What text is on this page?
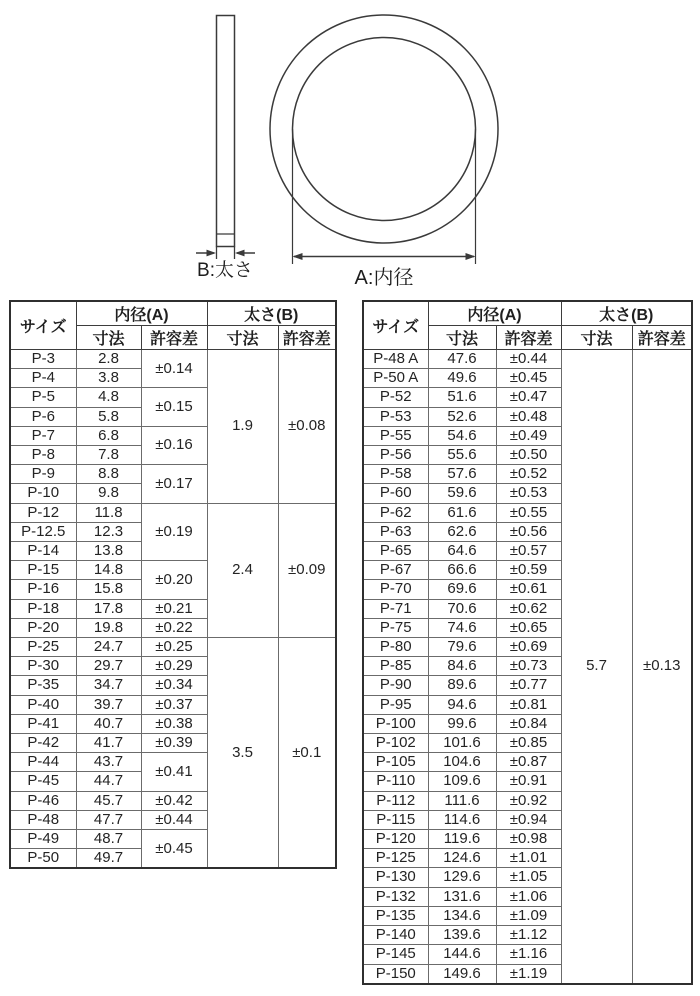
B:太さ	A:内径
サイズ	内径(A)		太さ(B)	
	寸法	許容差	寸法	許容差
P-3	2.8	±0.14	1.9	±0.08
P-4	3.8			
P-5	4.8	±0.15		
P-6	5.8			
P-7	6.8	±0.16		
P-8	7.8			
P-9	8.8	±0.17		
P-10	9.8			
P-12	11.8	±0.19	2.4	±0.09
P-12.5	12.3			
P-14	13.8			
P-15	14.8	±0.20		
P-16	15.8			
P-18	17.8	±0.21		
P-20	19.8	±0.22		
P-25	24.7	±0.25	3.5	±0.1
P-30	29.7	±0.29		
P-35	34.7	±0.34		
P-40	39.7	±0.37		
P-41	40.7	±0.38		
P-42	41.7	±0.39		
P-44	43.7	±0.41		
P-45	44.7			
P-46	45.7	±0.42		
P-48	47.7	±0.44		
P-49	48.7	±0.45		
P-50	49.7			
サイズ	内径(A)		太さ(B)	
	寸法	許容差	寸法	許容差
P-48 A	47.6	±0.44	5.7	±0.13
P-50 A	49.6	±0.45		
P-52	51.6	±0.47		
P-53	52.6	±0.48		
P-55	54.6	±0.49		
P-56	55.6	±0.50		
P-58	57.6	±0.52		
P-60	59.6	±0.53		
P-62	61.6	±0.55		
P-63	62.6	±0.56		
P-65	64.6	±0.57		
P-67	66.6	±0.59		
P-70	69.6	±0.61		
P-71	70.6	±0.62		
P-75	74.6	±0.65		
P-80	79.6	±0.69		
P-85	84.6	±0.73		
P-90	89.6	±0.77		
P-95	94.6	±0.81		
P-100	99.6	±0.84		
P-102	101.6	±0.85		
P-105	104.6	±0.87		
P-110	109.6	±0.91		
P-112	111.6	±0.92		
P-115	114.6	±0.94		
P-120	119.6	±0.98		
P-125	124.6	±1.01		
P-130	129.6	±1.05		
P-132	131.6	±1.06		
P-135	134.6	±1.09		
P-140	139.6	±1.12		
P-145	144.6	±1.16		
P-150	149.6	±1.19		
